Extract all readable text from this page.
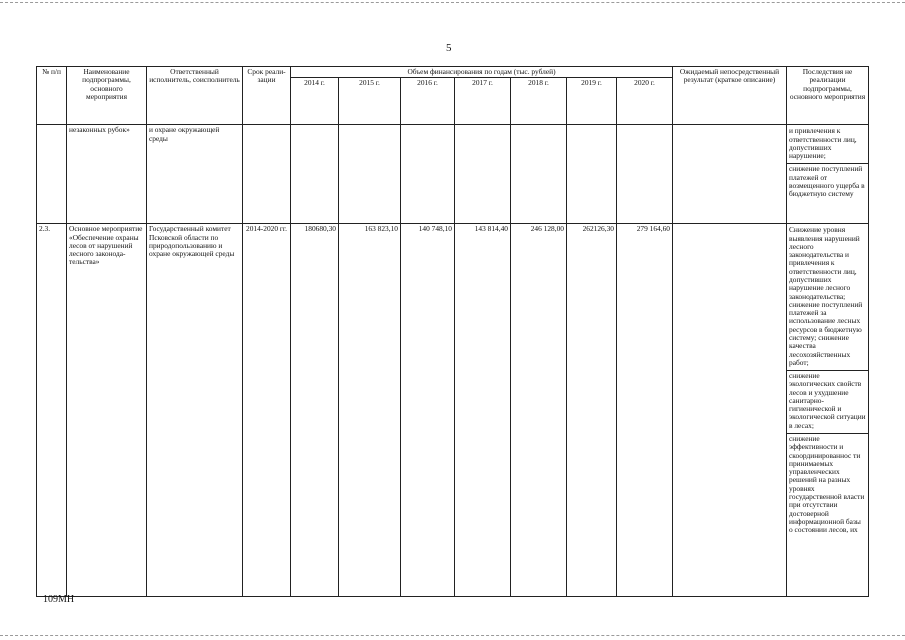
5
№ п/п	Наименование подпрограммы, основного мероприятия	Ответственный исполнитель, соисполнитель	Срок реали-зации	Объем финансирования по годам (тыс. рублей)							Ожидаемый непосредственный результат (краткое описание)	Последствия не реализации подпрограммы, основного мероприятия
				2014 г.	2015 г.	2016 г.	2017 г.	2018 г.	2019 г.	2020 г.		
	незаконных рубок»	и охране окружающей среды										и привлечения к ответственности лиц, допустивших нарушение;
снижение поступлений платежей от возмещенного ущерба в бюджетную систему

2.3.	Основное мероприятие «Обеспечение охраны лесов от нарушений лесного законода-тельства»	Государственный комитет Псковской области по природопользованию и охране окружающей среды	2014-2020 гг.	180680,30	163 823,10	140 748,10	143 814,40	246 128,00	262126,30	279 164,60		Снижение уровня выявления нарушений лесного законодательства и привлечения к ответственности лиц, допустивших нарушение лесного законодательства; снижение поступлений платежей за использование лесных ресурсов в бюджетную систему; снижение качества лесохозяйственных работ;
снижение экологических свойств лесов и ухудшение санитарно-гигиенической и экологической ситуации в лесах;
снижение эффективности и скоординированнос ти принимаемых управленческих решений на разных уровнях государственной власти при отсутствии достоверной информационной базы о состоянии лесов, их
109МН
